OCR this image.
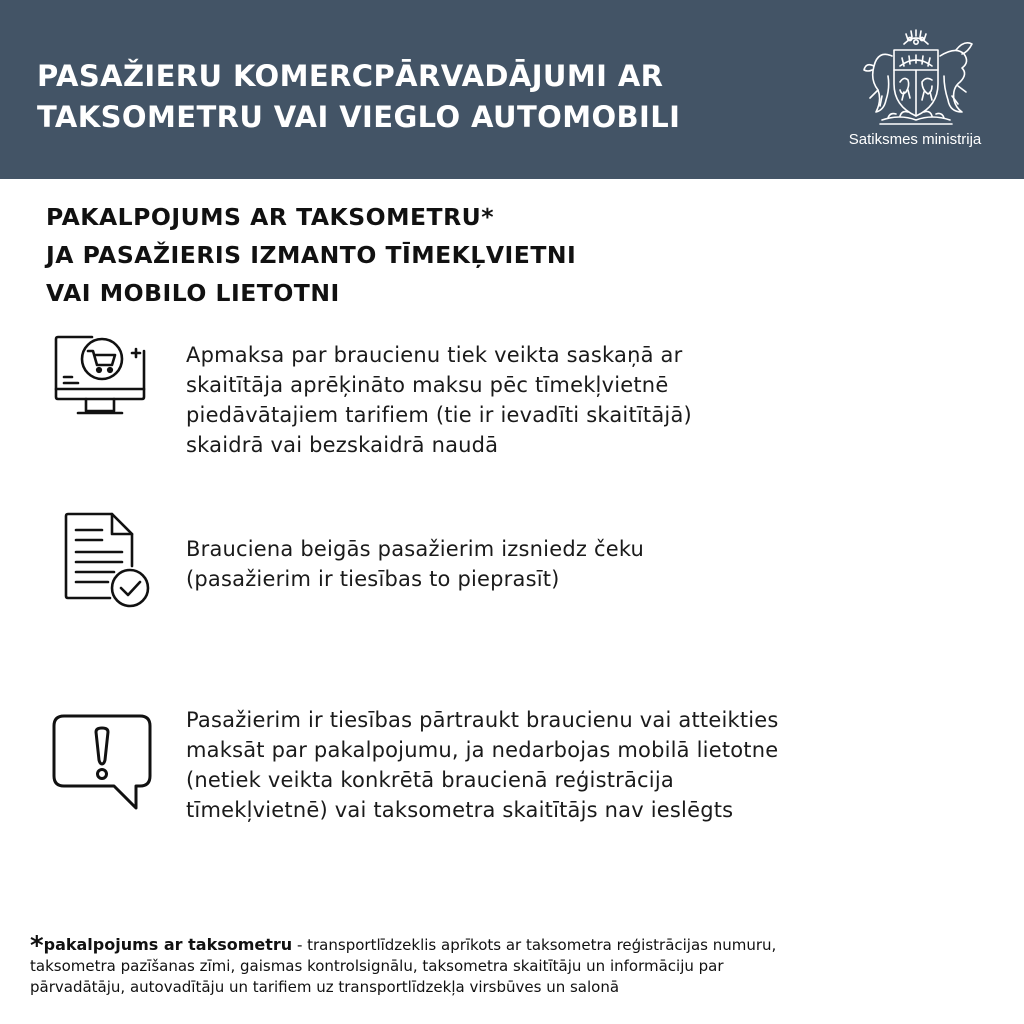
PASAŽIERU KOMERCPĀRVADĀJUMI AR
TAKSOMETRU VAI VIEGLO AUTOMOBILI
Satiksmes ministrija
PAKALPOJUMS AR TAKSOMETRU*
JA PASAŽIERIS IZMANTO TĪMEKĻVIETNI
VAI MOBILO LIETOTNI

Apmaksa par braucienu tiek veikta saskaņā ar
skaitītāja aprēķināto maksu pēc tīmekļvietnē
piedāvātajiem tarifiem (tie ir ievadīti skaitītājā)
skaidrā vai bezskaidrā naudā

Brauciena beigās pasažierim izsniedz čeku
(pasažierim ir tiesības to pieprasīt)

Pasažierim ir tiesības pārtraukt braucienu vai atteikties
maksāt par pakalpojumu, ja nedarbojas mobilā lietotne
(netiek veikta konkrētā braucienā reģistrācija
tīmekļvietnē) vai taksometra skaitītājs nav ieslēgts

*pakalpojums ar taksometru - transportlīdzeklis aprīkots ar taksometra reģistrācijas numuru,
taksometra pazīšanas zīmi, gaismas kontrolsignālu, taksometra skaitītāju un informāciju par
pārvadātāju, autovadītāju un tarifiem uz transportlīdzekļa virsbūves un salonā
